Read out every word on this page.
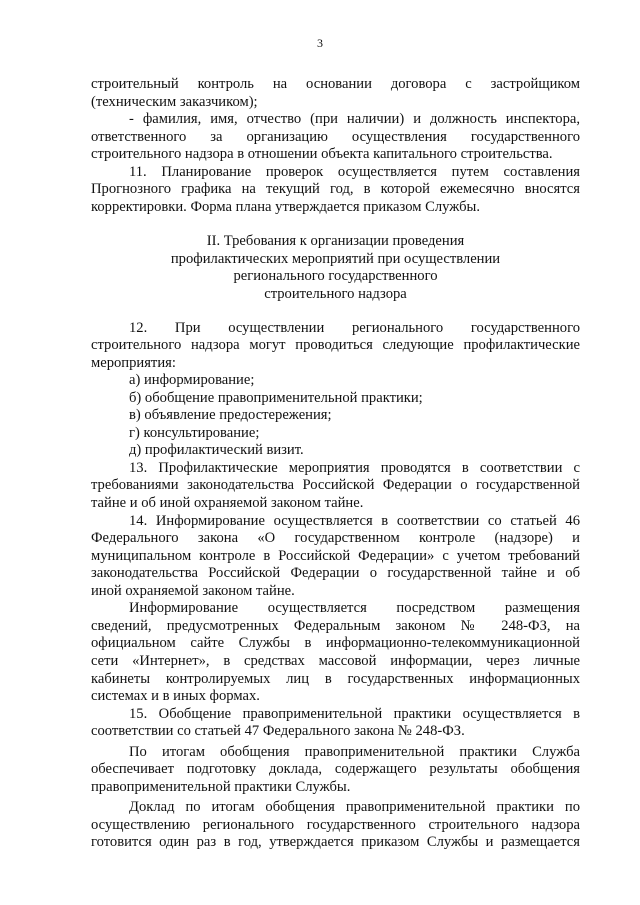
3

строительный контроль на основании договора с застройщиком

(техническим заказчиком);

- фамилия, имя, отчество (при наличии) и должность инспектора,

ответственного за организацию осуществления государственного

строительного надзора в отношении объекта капитального строительства.

11. Планирование проверок осуществляется путем составления

Прогнозного графика на текущий год, в которой ежемесячно вносятся

корректировки. Форма плана утверждается приказом Службы.

II. Требования к организации проведения
профилактических мероприятий при осуществлении
регионального государственного
строительного надзора

12. При осуществлении регионального государственного

строительного надзора могут проводиться следующие профилактические

мероприятия:

а) информирование;

б) обобщение правоприменительной практики;

в) объявление предостережения;

г) консультирование;

д) профилактический визит.

13. Профилактические мероприятия проводятся в соответствии с

требованиями законодательства Российской Федерации о государственной

тайне и об иной охраняемой законом тайне.

14. Информирование осуществляется в соответствии со статьей 46

Федерального закона «О государственном контроле (надзоре) и

муниципальном контроле в Российской Федерации» с учетом требований

законодательства Российской Федерации о государственной тайне и об

иной охраняемой законом тайне.

Информирование осуществляется посредством размещения

сведений, предусмотренных Федеральным законом № 248-ФЗ, на

официальном сайте Службы в информационно-телекоммуникационной

сети «Интернет», в средствах массовой информации, через личные

кабинеты контролируемых лиц в государственных информационных

системах и в иных формах.

15. Обобщение правоприменительной практики осуществляется в

соответствии со статьей 47 Федерального закона № 248-ФЗ.

По итогам обобщения правоприменительной практики Служба

обеспечивает подготовку доклада, содержащего результаты обобщения

правоприменительной практики Службы.

Доклад по итогам обобщения правоприменительной практики по

осуществлению регионального государственного строительного надзора

готовится один раз в год, утверждается приказом Службы и размещается
